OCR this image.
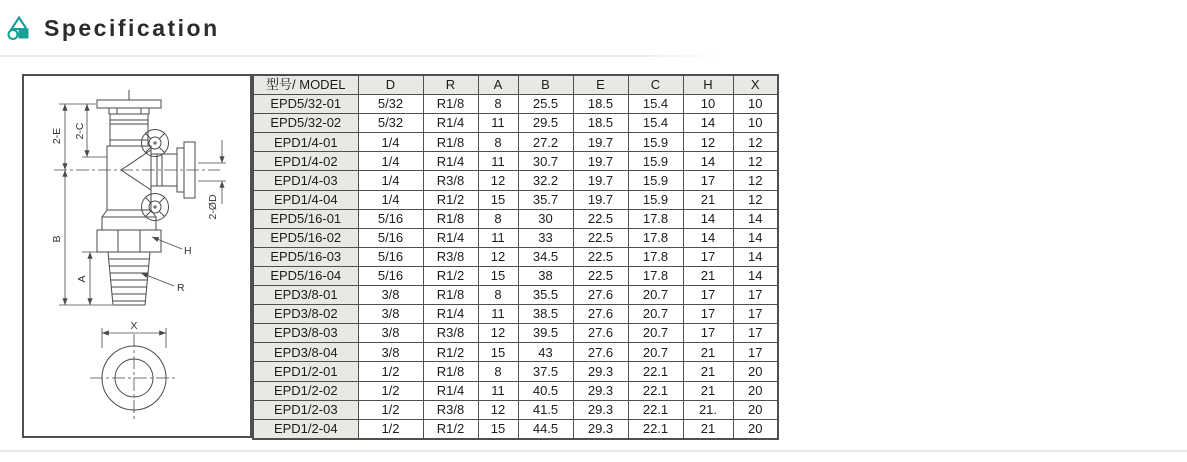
Specification
2-E 2-C
B
A
2-ØD
H
R
X
型号/ MODEL	D	R	A	B	E	C	H	X
EPD5/32-01	5/32	R1/8	8	25.5	18.5	15.4	10	10
EPD5/32-02	5/32	R1/4	11	29.5	18.5	15.4	14	10
EPD1/4-01	1/4	R1/8	8	27.2	19.7	15.9	12	12
EPD1/4-02	1/4	R1/4	11	30.7	19.7	15.9	14	12
EPD1/4-03	1/4	R3/8	12	32.2	19.7	15.9	17	12
EPD1/4-04	1/4	R1/2	15	35.7	19.7	15.9	21	12
EPD5/16-01	5/16	R1/8	8	30	22.5	17.8	14	14
EPD5/16-02	5/16	R1/4	11	33	22.5	17.8	14	14
EPD5/16-03	5/16	R3/8	12	34.5	22.5	17.8	17	14
EPD5/16-04	5/16	R1/2	15	38	22.5	17.8	21	14
EPD3/8-01	3/8	R1/8	8	35.5	27.6	20.7	17	17
EPD3/8-02	3/8	R1/4	11	38.5	27.6	20.7	17	17
EPD3/8-03	3/8	R3/8	12	39.5	27.6	20.7	17	17
EPD3/8-04	3/8	R1/2	15	43	27.6	20.7	21	17
EPD1/2-01	1/2	R1/8	8	37.5	29.3	22.1	21	20
EPD1/2-02	1/2	R1/4	11	40.5	29.3	22.1	21	20
EPD1/2-03	1/2	R3/8	12	41.5	29.3	22.1	21.	20
EPD1/2-04	1/2	R1/2	15	44.5	29.3	22.1	21	20
